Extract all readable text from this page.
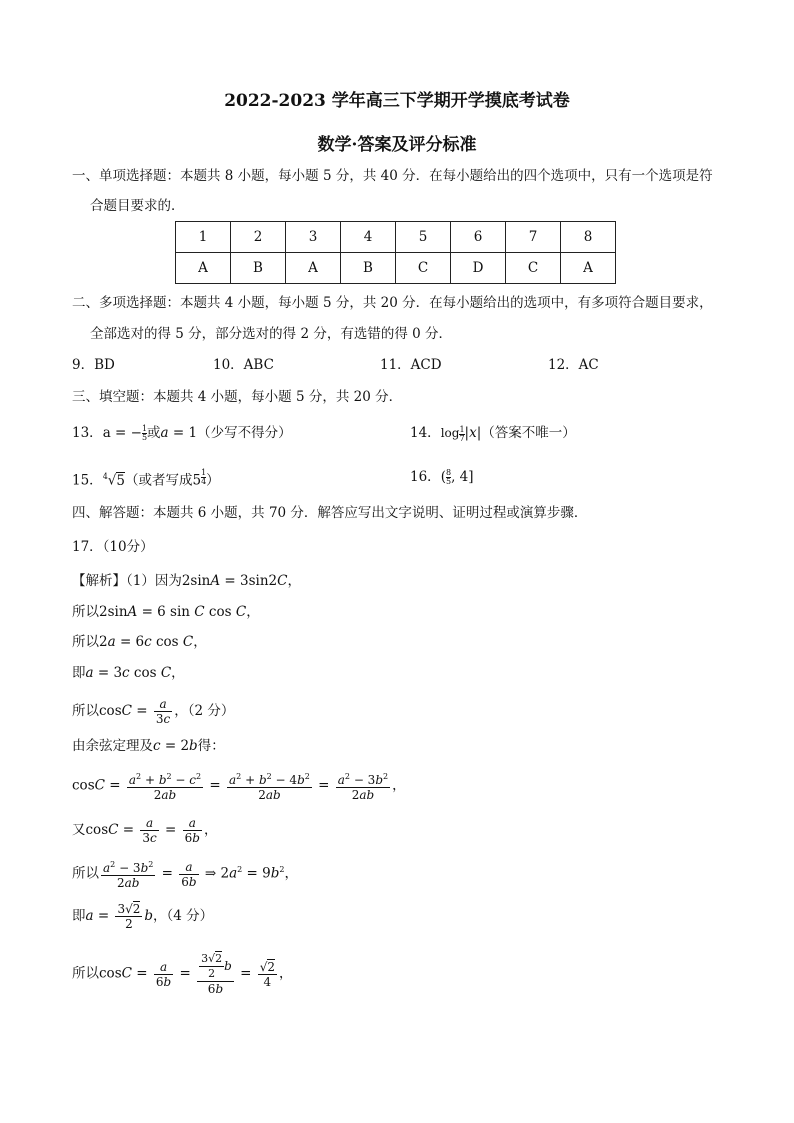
2022-2023 学年高三下学期开学摸底考试卷
数学·答案及评分标准
一、单项选择题：本题共 8 小题，每小题 5 分，共 40 分．在每小题给出的四个选项中，只有一个选项是符
合题目要求的．
1	2	3	4	5	6	7	8
A	B	A	B	C	D	C	A
二、多项选择题：本题共 4 小题，每小题 5 分，共 20 分．在每小题给出的选项中，有多项符合题目要求，
全部选对的得 5 分，部分选对的得 2 分，有选错的得 0 分．
9．BD	10．ABC	11．ACD	12．AC
三、填空题：本题共 4 小题，每小题 5 分，共 20 分．
13．a = − $\frac{1}{5}$或a = 1（少写不得分）	14．$\log \frac{1}{7}|x|$（答案不唯一）
15．$^4$√5（或者写成5 $^{\frac{1}{4}}$）	16．( $\frac{8}{5}$, 4]
四、解答题：本题共 6 小题，共 70 分．解答应写出文字说明、证明过程或演算步骤．
17．（10分）
【解析】（1）因为2sinA = 3sin2C，
所以2sinA = 6 sin C cos C，
所以2a = 6c cos C，
即a = 3c cos C，
所以$\cos C = \frac{a}{3c}$ ，（2 分）
由余弦定理及c = 2b得：
$\cos C = \frac{a^2 + b^2 - c^2}{2ab} = \frac{a^2 + b^2 - 4b^2}{2ab} = \frac{a^2 - 3b^2}{2ab}$ ，
又$\cos C = \frac{a}{3c} = \frac{a}{6b}$ ，
所以 $\frac{a^2 - 3b^2}{2ab} = \frac{a}{6b}$ ⇒ $2a^2 = 9b^2$，
即$a = \frac{3√2}{2}$ b，（4 分）
所以$\cos C = \frac{a}{6b} = \frac{\frac{3√2}{2} b}{6b} = \frac{√2}{4}$ ，
